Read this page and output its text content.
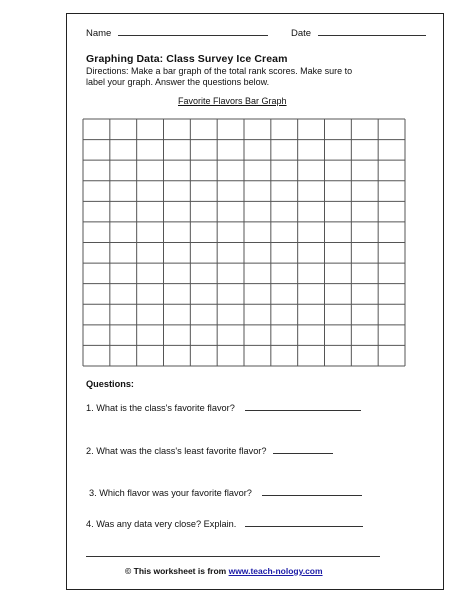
Name	Date
Graphing Data: Class Survey Ice Cream
Directions: Make a bar graph of the total rank scores. Make sure to
label your graph. Answer the questions below.
Favorite Flavors Bar Graph
Questions:
1. What is the class's favorite flavor?
2. What was the class's least favorite flavor?
3. Which flavor was your favorite flavor?
4. Was any data very close? Explain.
© This worksheet is from www.teach-nology.com
